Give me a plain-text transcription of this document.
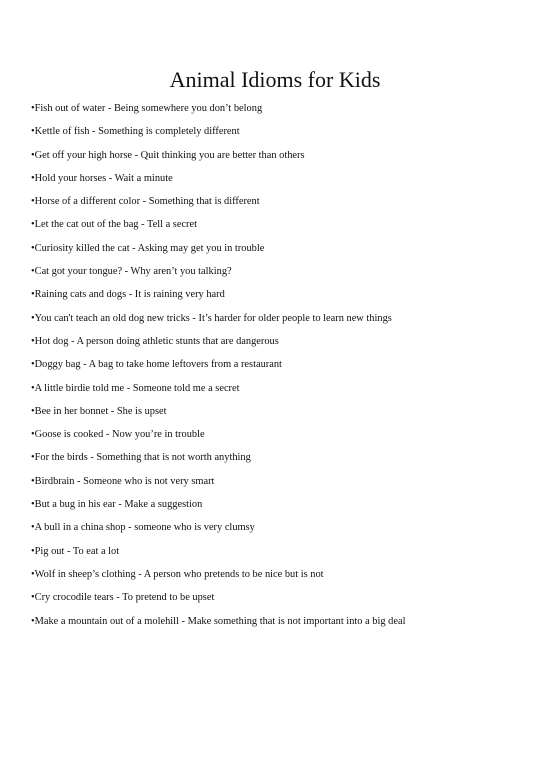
Animal Idioms for Kids
•Fish out of water - Being somewhere you don’t belong
•Kettle of fish - Something is completely different
•Get off your high horse - Quit thinking you are better than others
•Hold your horses - Wait a minute
•Horse of a different color - Something that is different
•Let the cat out of the bag - Tell a secret
•Curiosity killed the cat - Asking may get you in trouble
•Cat got your tongue? - Why aren’t you talking?
•Raining cats and dogs - It is raining very hard
•You can't teach an old dog new tricks - It’s harder for older people to learn new things
•Hot dog - A person doing athletic stunts that are dangerous
•Doggy bag - A bag to take home leftovers from a restaurant
•A little birdie told me - Someone told me a secret
•Bee in her bonnet - She is upset
•Goose is cooked - Now you’re in trouble
•For the birds - Something that is not worth anything
•Birdbrain - Someone who is not very smart
•But a bug in his ear - Make a suggestion
•A bull in a china shop - someone who is very clumsy
•Pig out - To eat a lot
•Wolf in sheep’s clothing - A person who pretends to be nice but is not
•Cry crocodile tears - To pretend to be upset
•Make a mountain out of a molehill - Make something that is not important into a big deal
